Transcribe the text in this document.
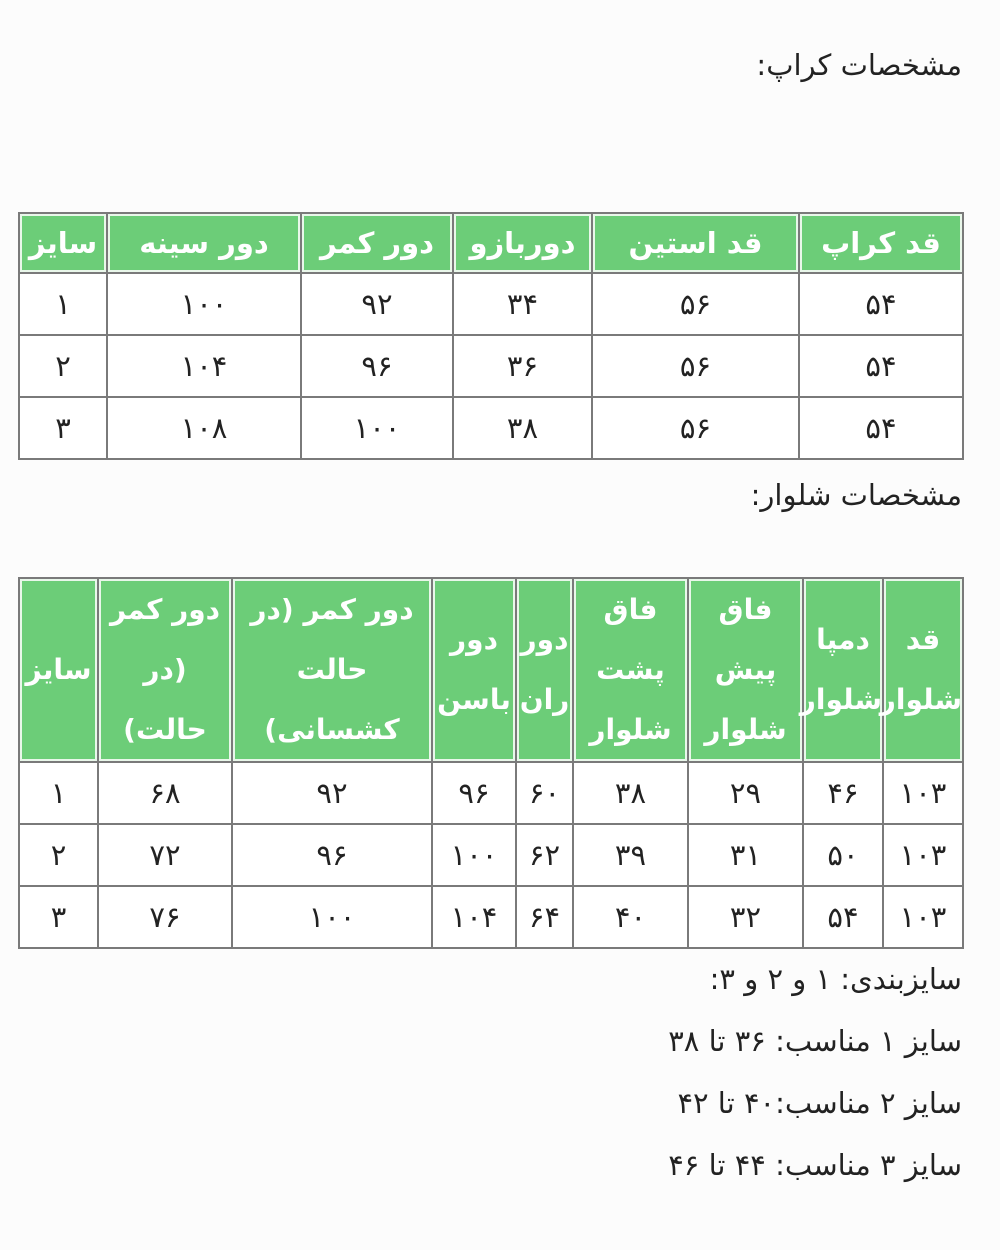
مشخصات کراپ:
قد کراپ	قد استین	دوربازو	دور کمر	دور سینه	سایز
۵۴	۵۶	۳۴	۹۲	۱۰۰	۱
۵۴	۵۶	۳۶	۹۶	۱۰۴	۲
۵۴	۵۶	۳۸	۱۰۰	۱۰۸	۳
مشخصات شلوار:
قد شلوار	دمپا شلوار	فاق پیش شلوار	فاق پشت شلوار	دور ران	دور باسن	دور کمر (در حالت کشسانی)	دور کمر (در حالت)	سایز
۱۰۳	۴۶	۲۹	۳۸	۶۰	۹۶	۹۲	۶۸	۱
۱۰۳	۵۰	۳۱	۳۹	۶۲	۱۰۰	۹۶	۷۲	۲
۱۰۳	۵۴	۳۲	۴۰	۶۴	۱۰۴	۱۰۰	۷۶	۳
سایزبندی: ۱ و ۲ و ۳:
سایز ۱ مناسب: ۳۶ تا ۳۸
سایز ۲ مناسب:۴۰ تا ۴۲
سایز ۳ مناسب: ۴۴ تا ۴۶
